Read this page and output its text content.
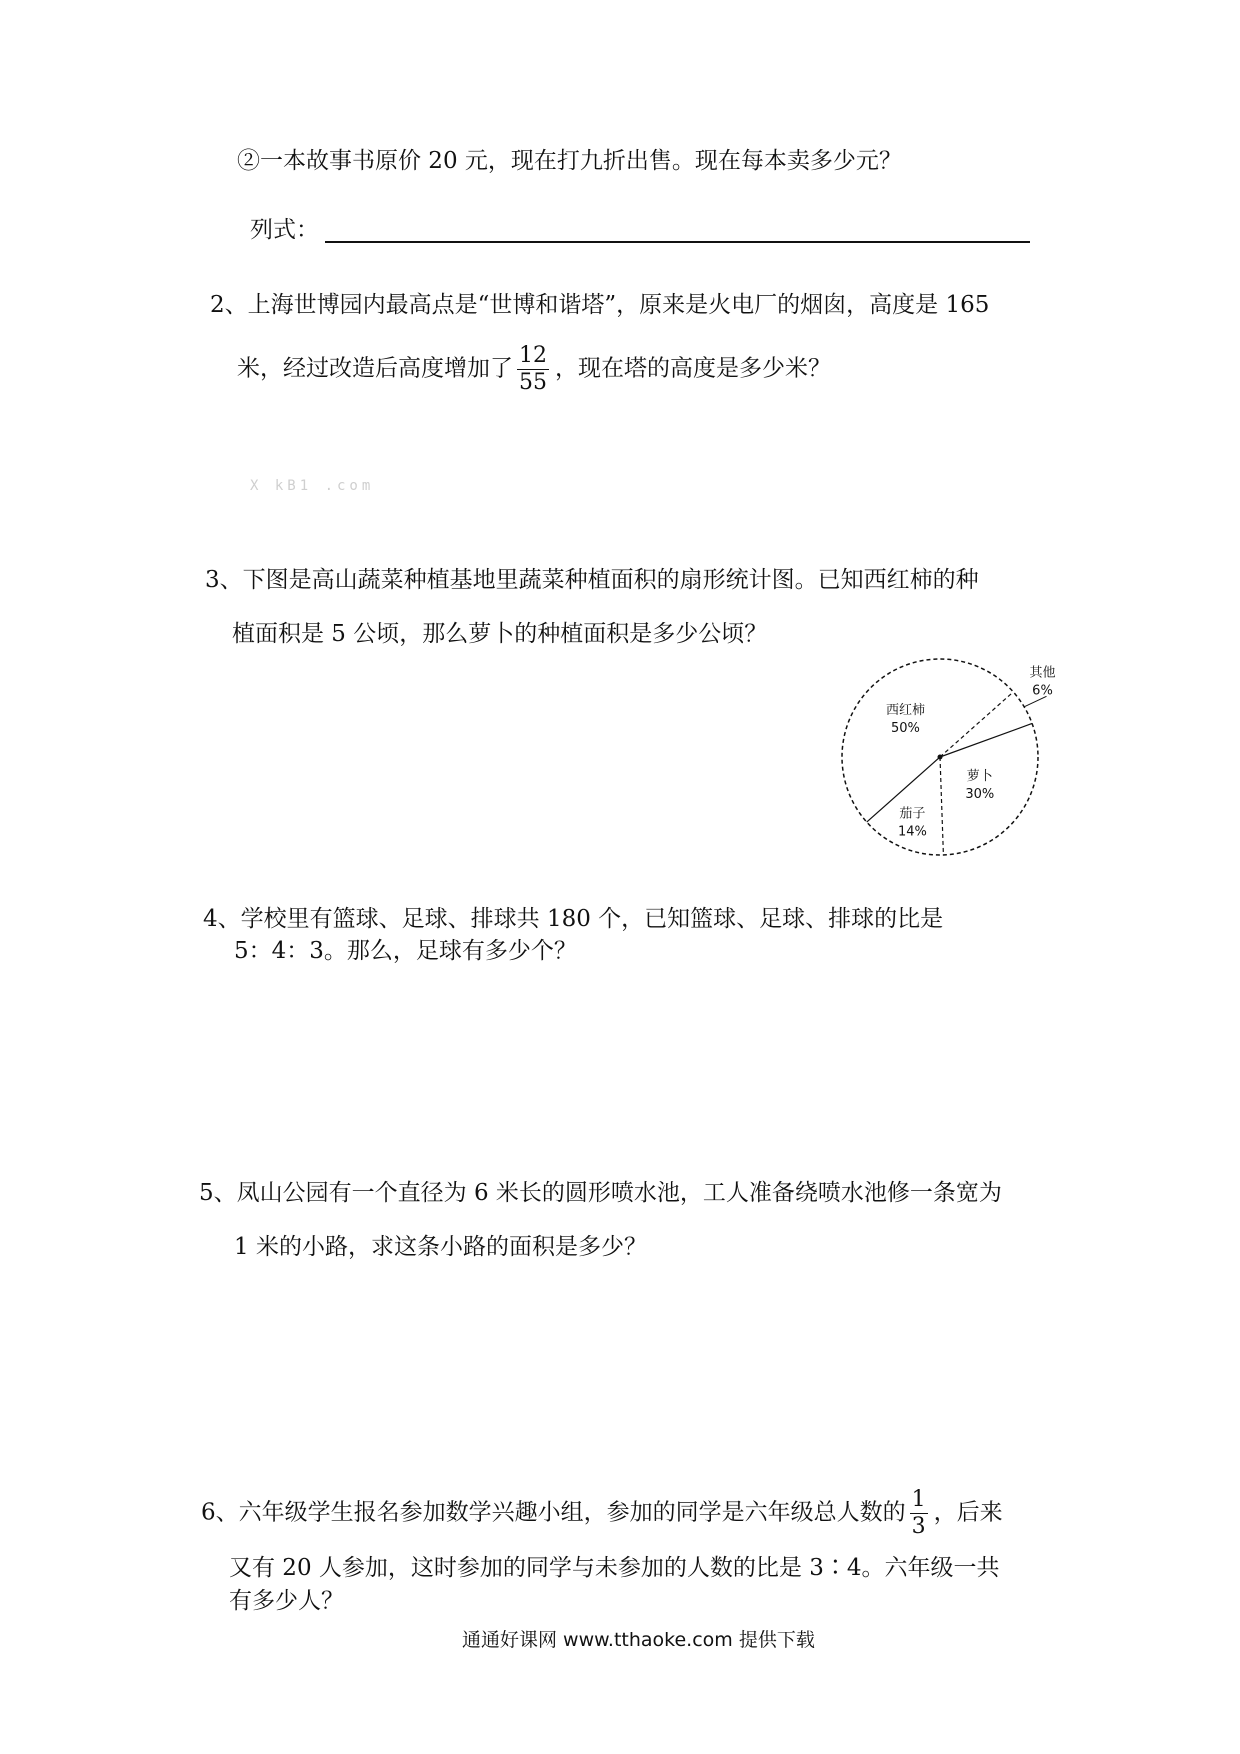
②一本故事书原价 20 元，现在打九折出售。现在每本卖多少元？
列式：
2、上海世博园内最高点是“世博和谐塔”，原来是火电厂的烟囱，高度是 165
米，经过改造后高度增加了 $\frac{12}{55}$ ，现在塔的高度是多少米？
X kB1 .com
3、下图是高山蔬菜种植基地里蔬菜种植面积的扇形统计图。已知西红柿的种
植面积是 5 公顷，那么萝卜的种植面积是多少公顷？
萝卜
30%
茄子
14%
西红柿
50%
其他
6%
4、学校里有篮球、足球、排球共 180 个，已知篮球、足球、排球的比是
5：4：3。那么，足球有多少个？
5、凤山公园有一个直径为 6 米长的圆形喷水池，工人准备绕喷水池修一条宽为
1 米的小路，求这条小路的面积是多少？
6、六年级学生报名参加数学兴趣小组，参加的同学是六年级总人数的 $\frac{1}{3}$ ，后来
又有 20 人参加，这时参加的同学与未参加的人数的比是 3∶4。六年级一共
有多少人？
通通好课网 www.tthaoke.com 提供下载
